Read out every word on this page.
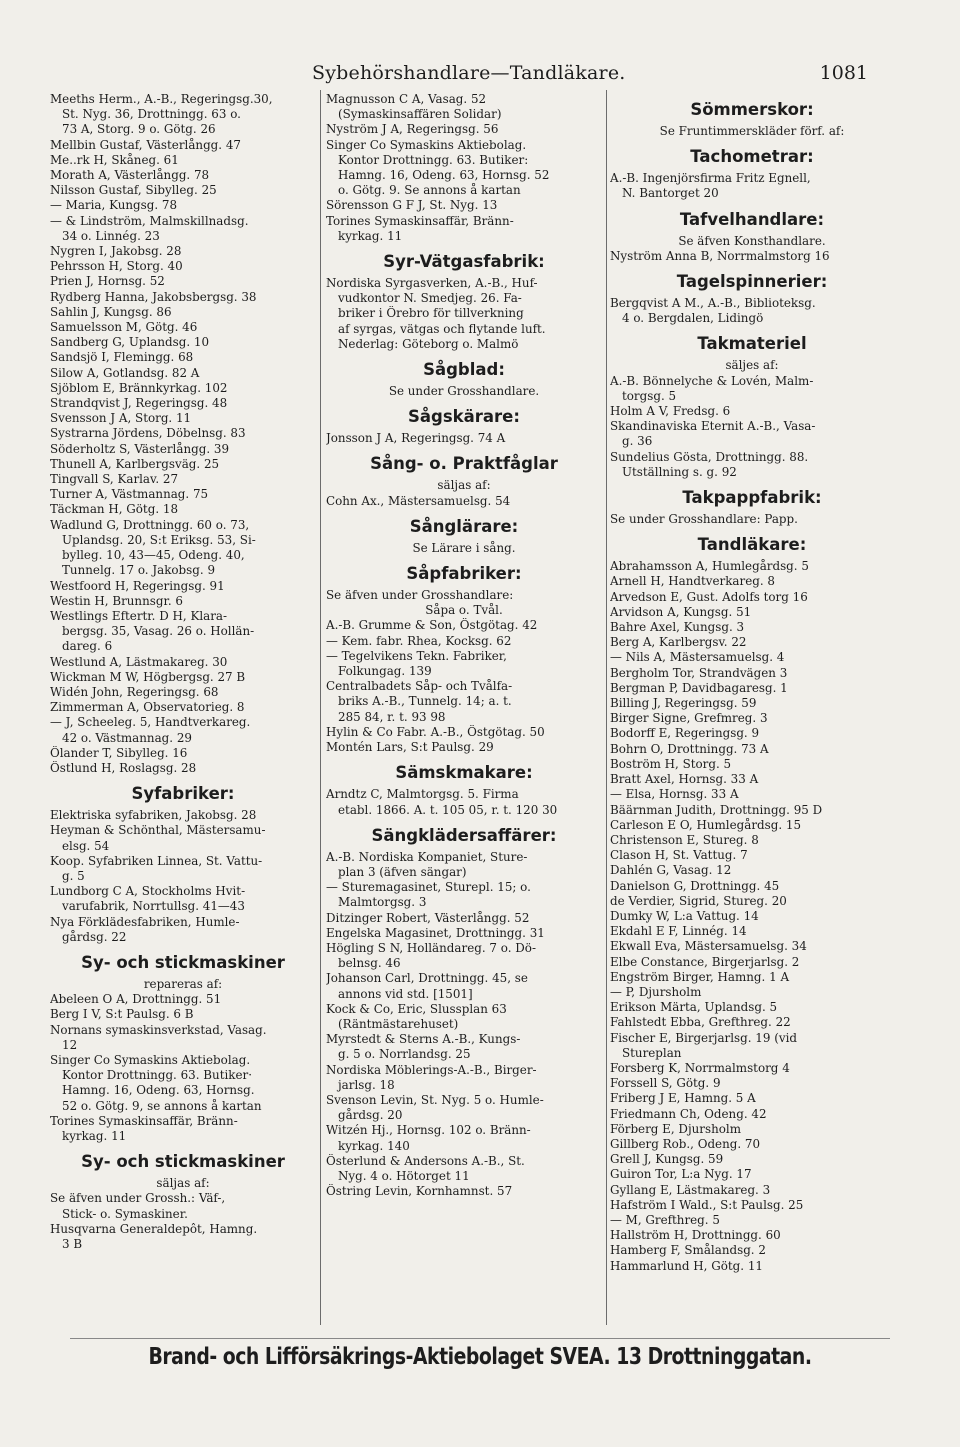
Sybehörshandlare—Tandläkare.	1081
Meeths Herm., A.-B., Regeringsg.30,
St. Nyg. 36, Drottningg. 63 o.
73 A, Storg. 9 o. Götg. 26
Mellbin Gustaf, Västerlångg. 47
Me..rk H, Skåneg. 61
Morath A, Västerlångg. 78
Nilsson Gustaf, Sibylleg. 25
— Maria, Kungsg. 78
— & Lindström, Malmskillnadsg.
34 o. Linnég. 23
Nygren I, Jakobsg. 28
Pehrsson H, Storg. 40
Prien J, Hornsg. 52
Rydberg Hanna, Jakobsbergsg. 38
Sahlin J, Kungsg. 86
Samuelsson M, Götg. 46
Sandberg G, Uplandsg. 10
Sandsjö I, Flemingg. 68
Silow A, Gotlandsg. 82 A
Sjöblom E, Brännkyrkag. 102
Strandqvist J, Regeringsg. 48
Svensson J A, Storg. 11
Systrarna Jördens, Döbelnsg. 83
Söderholtz S, Västerlångg. 39
Thunell A, Karlbergsväg. 25
Tingvall S, Karlav. 27
Turner A, Västmannag. 75
Täckman H, Götg. 18
Wadlund G, Drottningg. 60 o. 73,
Uplandsg. 20, S:t Eriksg. 53, Si-
bylleg. 10, 43—45, Odeng. 40,
Tunnelg. 17 o. Jakobsg. 9
Westfoord H, Regeringsg. 91
Westin H, Brunnsgr. 6
Westlings Eftertr. D H, Klara-
bergsg. 35, Vasag. 26 o. Hollän-
dareg. 6
Westlund A, Lästmakareg. 30
Wickman M W, Högbergsg. 27 B
Widén John, Regeringsg. 68
Zimmerman A, Observatorieg. 8
— J, Scheeleg. 5, Handtverkareg.
42 o. Västmannag. 29
Ölander T, Sibylleg. 16
Östlund H, Roslagsg. 28
Syfabriker:
Elektriska syfabriken, Jakobsg. 28
Heyman & Schönthal, Mästersamu-
elsg. 54
Koop. Syfabriken Linnea, St. Vattu-
g. 5
Lundborg C A, Stockholms Hvit-
varufabrik, Norrtullsg. 41—43
Nya Förklädesfabriken, Humle-
gårdsg. 22
Sy- och stickmaskiner
repareras af:
Abeleen O A, Drottningg. 51
Berg I V, S:t Paulsg. 6 B
Nornans symaskinsverkstad, Vasag.
12
Singer Co Symaskins Aktiebolag.
Kontor Drottningg. 63. Butiker·
Hamng. 16, Odeng. 63, Hornsg.
52 o. Götg. 9, se annons å kartan
Torines Symaskinsaffär, Bränn-
kyrkag. 11
Sy- och stickmaskiner
säljas af:
Se äfven under Grossh.: Väf-,
Stick- o. Symaskiner.
Husqvarna Generaldepôt, Hamng.
3 B
Magnusson C A, Vasag. 52
(Symaskinsaffären Solidar)
Nyström J A, Regeringsg. 56
Singer Co Symaskins Aktiebolag.
Kontor Drottningg. 63. Butiker:
Hamng. 16, Odeng. 63, Hornsg. 52
o. Götg. 9. Se annons å kartan
Sörensson G F J, St. Nyg. 13
Torines Symaskinsaffär, Bränn-
kyrkag. 11
Syr-Vätgasfabrik:
Nordiska Syrgasverken, A.-B., Huf-
vudkontor N. Smedjeg. 26. Fa-
briker i Örebro för tillverkning
af syrgas, vätgas och flytande luft.
Nederlag: Göteborg o. Malmö
Sågblad:
Se under Grosshandlare.
Sågskärare:
Jonsson J A, Regeringsg. 74 A
Sång- o. Praktfåglar
säljas af:
Cohn Ax., Mästersamuelsg. 54
Sånglärare:
Se Lärare i sång.
Såpfabriker:
Se äfven under Grosshandlare:
Såpa o. Tvål.
A.-B. Grumme & Son, Östgötag. 42
— Kem. fabr. Rhea, Kocksg. 62
— Tegelvikens Tekn. Fabriker,
Folkungag. 139
Centralbadets Såp- och Tvålfa-
briks A.-B., Tunnelg. 14; a. t.
285 84, r. t. 93 98
Hylin & Co Fabr. A.-B., Östgötag. 50
Montén Lars, S:t Paulsg. 29
Sämskmakare:
Arndtz C, Malmtorgsg. 5. Firma
etabl. 1866. A. t. 105 05, r. t. 120 30
Sängklädersaffärer:
A.-B. Nordiska Kompaniet, Sture-
plan 3 (äfven sängar)
— Sturemagasinet, Sturepl. 15; o.
Malmtorgsg. 3
Ditzinger Robert, Västerlångg. 52
Engelska Magasinet, Drottningg. 31
Högling S N, Holländareg. 7 o. Dö-
belnsg. 46
Johanson Carl, Drottningg. 45, se
annons vid std. [1501]
Kock & Co, Eric, Slussplan 63
(Räntmästarehuset)
Myrstedt & Sterns A.-B., Kungs-
g. 5 o. Norrlandsg. 25
Nordiska Möblerings-A.-B., Birger-
jarlsg. 18
Svenson Levin, St. Nyg. 5 o. Humle-
gårdsg. 20
Witzén Hj., Hornsg. 102 o. Bränn-
kyrkag. 140
Österlund & Andersons A.-B., St.
Nyg. 4 o. Hötorget 11
Östring Levin, Kornhamnst. 57
Sömmerskor:
Se Fruntimmerskläder förf. af:
Tachometrar:
A.-B. Ingenjörsfirma Fritz Egnell,
N. Bantorget 20
Tafvelhandlare:
Se äfven Konsthandlare.
Nyström Anna B, Norrmalmstorg 16
Tagelspinnerier:
Bergqvist A M., A.-B., Biblioteksg.
4 o. Bergdalen, Lidingö
Takmateriel
säljes af:
A.-B. Bönnelyche & Lovén, Malm-
torgsg. 5
Holm A V, Fredsg. 6
Skandinaviska Eternit A.-B., Vasa-
g. 36
Sundelius Gösta, Drottningg. 88.
Utställning s. g. 92
Takpappfabrik:
Se under Grosshandlare: Papp.
Tandläkare:
Abrahamsson A, Humlegårdsg. 5
Arnell H, Handtverkareg. 8
Arvedson E, Gust. Adolfs torg 16
Arvidson A, Kungsg. 51
Bahre Axel, Kungsg. 3
Berg A, Karlbergsv. 22
— Nils A, Mästersamuelsg. 4
Bergholm Tor, Strandvägen 3
Bergman P, Davidbagaresg. 1
Billing J, Regeringsg. 59
Birger Signe, Grefmreg. 3
Bodorff E, Regeringsg. 9
Bohrn O, Drottningg. 73 A
Boström H, Storg. 5
Bratt Axel, Hornsg. 33 A
— Elsa, Hornsg. 33 A
Bäärnman Judith, Drottningg. 95 D
Carleson E O, Humlegårdsg. 15
Christenson E, Stureg. 8
Clason H, St. Vattug. 7
Dahlén G, Vasag. 12
Danielson G, Drottningg. 45
de Verdier, Sigrid, Stureg. 20
Dumky W, L:a Vattug. 14
Ekdahl E F, Linnég. 14
Ekwall Eva, Mästersamuelsg. 34
Elbe Constance, Birgerjarlsg. 2
Engström Birger, Hamng. 1 A
— P, Djursholm
Erikson Märta, Uplandsg. 5
Fahlstedt Ebba, Grefthreg. 22
Fischer E, Birgerjarlsg. 19 (vid
Stureplan
Forsberg K, Norrmalmstorg 4
Forssell S, Götg. 9
Friberg J E, Hamng. 5 A
Friedmann Ch, Odeng. 42
Förberg E, Djursholm
Gillberg Rob., Odeng. 70
Grell J, Kungsg. 59
Guiron Tor, L:a Nyg. 17
Gyllang E, Lästmakareg. 3
Hafström I Wald., S:t Paulsg. 25
— M, Grefthreg. 5
Hallström H, Drottningg. 60
Hamberg F, Smålandsg. 2
Hammarlund H, Götg. 11
Brand- och Lifförsäkrings-Aktiebolaget SVEA. 13 Drottninggatan.
